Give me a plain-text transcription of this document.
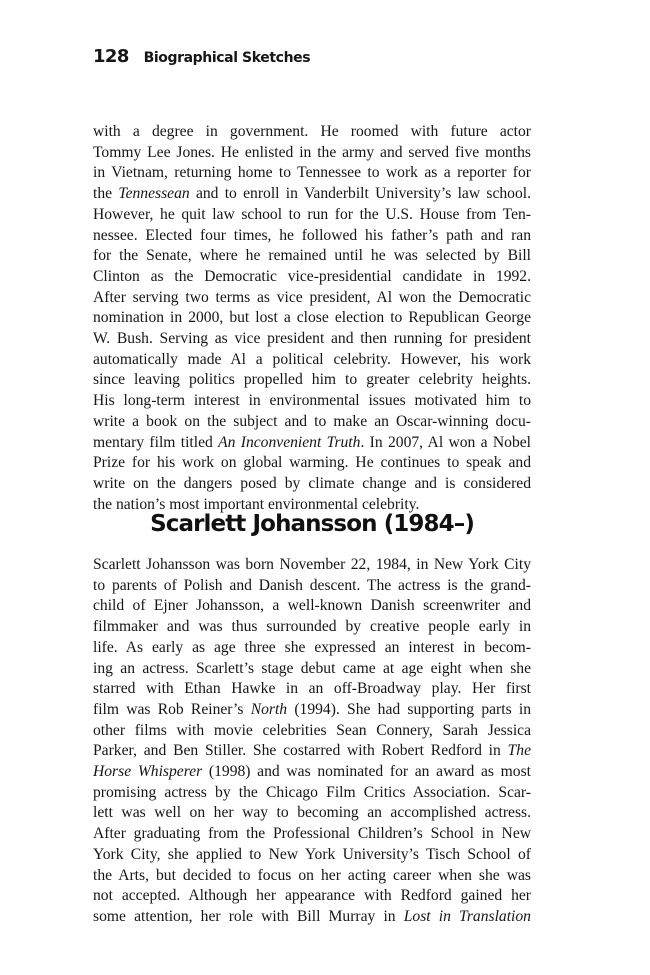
128 Biographical Sketches
with a degree in government. He roomed with future actor
Tommy Lee Jones. He enlisted in the army and served five months
in Vietnam, returning home to Tennessee to work as a reporter for
the Tennessean and to enroll in Vanderbilt University’s law school.
However, he quit law school to run for the U.S. House from Ten-
nessee. Elected four times, he followed his father’s path and ran
for the Senate, where he remained until he was selected by Bill
Clinton as the Democratic vice-presidential candidate in 1992.
After serving two terms as vice president, Al won the Democratic
nomination in 2000, but lost a close election to Republican George
W. Bush. Serving as vice president and then running for president
automatically made Al a political celebrity. However, his work
since leaving politics propelled him to greater celebrity heights.
His long-term interest in environmental issues motivated him to
write a book on the subject and to make an Oscar-winning docu-
mentary film titled An Inconvenient Truth. In 2007, Al won a Nobel
Prize for his work on global warming. He continues to speak and
write on the dangers posed by climate change and is considered
the nation’s most important environmental celebrity.
Scarlett Johansson (1984–)
Scarlett Johansson was born November 22, 1984, in New York City
to parents of Polish and Danish descent. The actress is the grand-
child of Ejner Johansson, a well-known Danish screenwriter and
filmmaker and was thus surrounded by creative people early in
life. As early as age three she expressed an interest in becom-
ing an actress. Scarlett’s stage debut came at age eight when she
starred with Ethan Hawke in an off-Broadway play. Her first
film was Rob Reiner’s North (1994). She had supporting parts in
other films with movie celebrities Sean Connery, Sarah Jessica
Parker, and Ben Stiller. She costarred with Robert Redford in The
Horse Whisperer (1998) and was nominated for an award as most
promising actress by the Chicago Film Critics Association. Scar-
lett was well on her way to becoming an accomplished actress.
After graduating from the Professional Children’s School in New
York City, she applied to New York University’s Tisch School of
the Arts, but decided to focus on her acting career when she was
not accepted. Although her appearance with Redford gained her
some attention, her role with Bill Murray in Lost in Translation
